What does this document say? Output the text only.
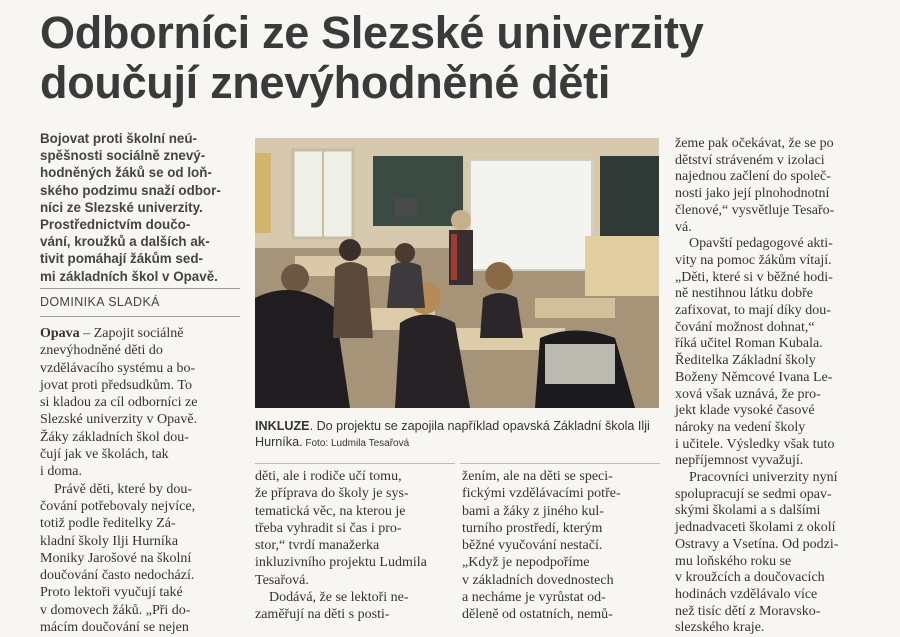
Odborníci ze Slezské univerzity
doučují znevýhodněné děti

Bojovat proti školní neú-

spěšnosti sociálně znevý-

hodněných žáků se od loň-

ského podzimu snaží odbor-

níci ze Slezské univerzity.

Prostřednictvím doučo-

vání, kroužků a dalších ak-

tivit pomáhají žákům sed-

mi základních škol v Opavě.

DOMINIKA SLADKÁ

Opava – Zapojit sociálně

znevýhodněné děti do

vzdělávacího systému a bo-

jovat proti předsudkům. To

si kladou za cíl odborníci ze

Slezské univerzity v Opavě.

Žáky základních škol dou-

čují jak ve školách, tak

i doma.

Právě děti, které by dou-

čování potřebovaly nejvíce,

totiž podle ředitelky Zá-

kladní školy Ilji Hurníka

Moniky Jarošové na školní

doučování často nedochází.

Proto lektoři vyučují také

v domovech žáků. „Při do-

mácím doučování se nejen

INKLUZE. Do projektu se zapojila například opavská Základní škola Ilji Hurníka. Foto: Ludmila Tesařová

děti, ale i rodiče učí tomu,

že příprava do školy je sys-

tematická věc, na kterou je

třeba vyhradit si čas i pro-

stor,“ tvrdí manažerka

inkluzivního projektu Ludmila

Tesařová.

Dodává, že se lektoři ne-

zaměřují na děti s posti-

žením, ale na děti se speci-

fickými vzdělávacími potře-

bami a žáky z jiného kul-

turního prostředí, kterým

běžné vyučování nestačí.

„Když je nepodpoříme

v základních dovednostech

a necháme je vyrůstat od-

děleně od ostatních, nemů-

žeme pak očekávat, že se po

dětství stráveném v izolaci

najednou začlení do společ-

nosti jako její plnohodnotní

členové,“ vysvětluje Tesařo-

vá.

Opavští pedagogové akti-

vity na pomoc žákům vítají.

„Děti, které si v běžné hodi-

ně nestihnou látku dobře

zafixovat, to mají díky dou-

čování možnost dohnat,“

říká učitel Roman Kubala.

Ředitelka Základní školy

Boženy Němcové Ivana Le-

xová však uznává, že pro-

jekt klade vysoké časové

nároky na vedení školy

i učitele. Výsledky však tuto

nepříjemnost vyvažují.

Pracovníci univerzity nyní

spolupracují se sedmi opav-

skými školami a s dalšími

jednadvaceti školami z okolí

Ostravy a Vsetína. Od podzi-

mu loňského roku se

v kroužcích a doučovacích

hodinách vzdělávalo více

než tisíc dětí z Moravsko-

slezského kraje.
